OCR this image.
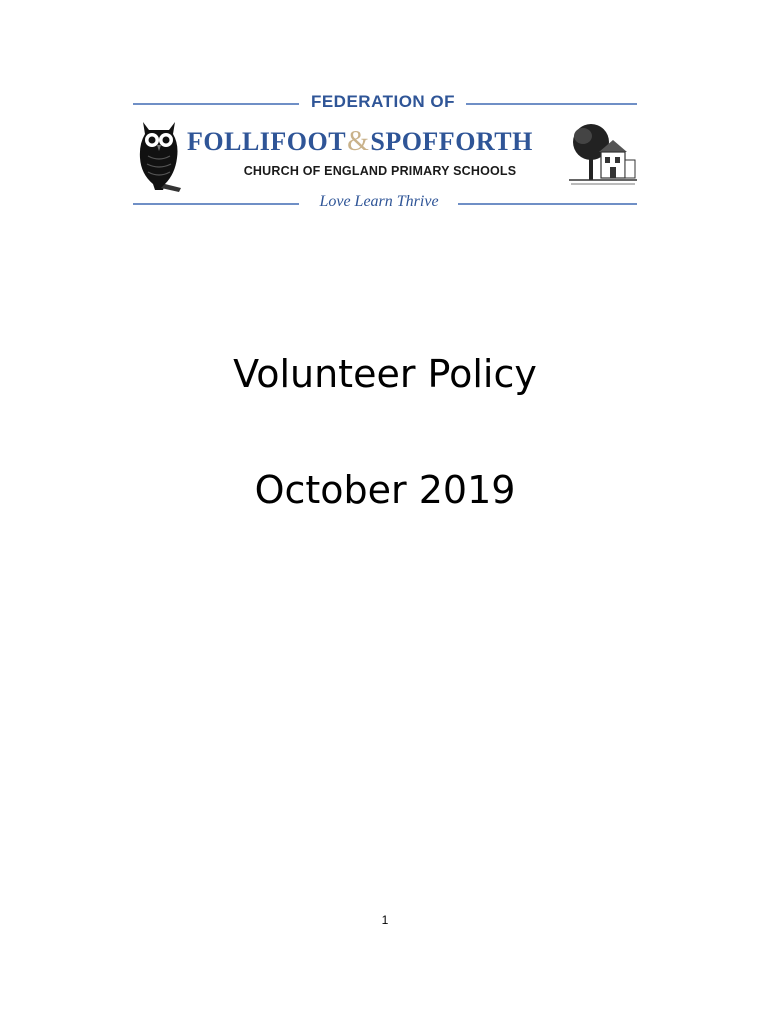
FEDERATION OF
FOLLIFOOT&SPOFFORTH
CHURCH OF ENGLAND PRIMARY SCHOOLS
Love Learn Thrive
Volunteer Policy
October 2019
1
